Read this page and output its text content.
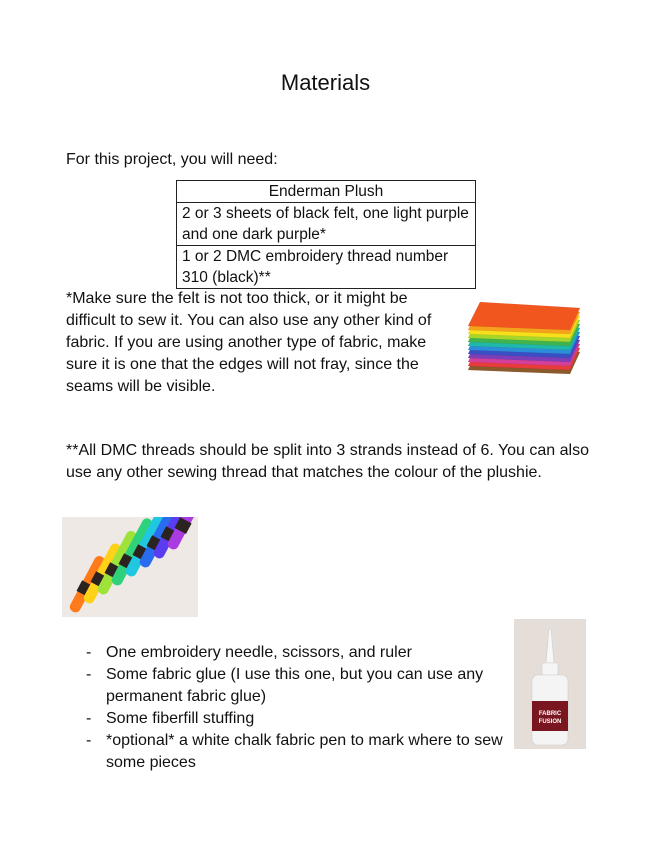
Materials
For this project, you will need:
Enderman Plush
2 or 3 sheets of black felt, one light purple and one dark purple*
1 or 2 DMC embroidery thread number 310 (black)**
*Make sure the felt is not too thick, or it might be difficult to sew it. You can also use any other kind of fabric. If you are using another type of fabric, make sure it is one that the edges will not fray, since the seams will be visible.
**All DMC threads should be split into 3 strands instead of 6. You can also use any other sewing thread that matches the colour of the plushie.
- One embroidery needle, scissors, and ruler
- Some fabric glue (I use this one, but you can use any permanent fabric glue)
- Some fiberfill stuffing
- *optional* a white chalk fabric pen to mark where to sew some pieces
FABRIC FUSION
